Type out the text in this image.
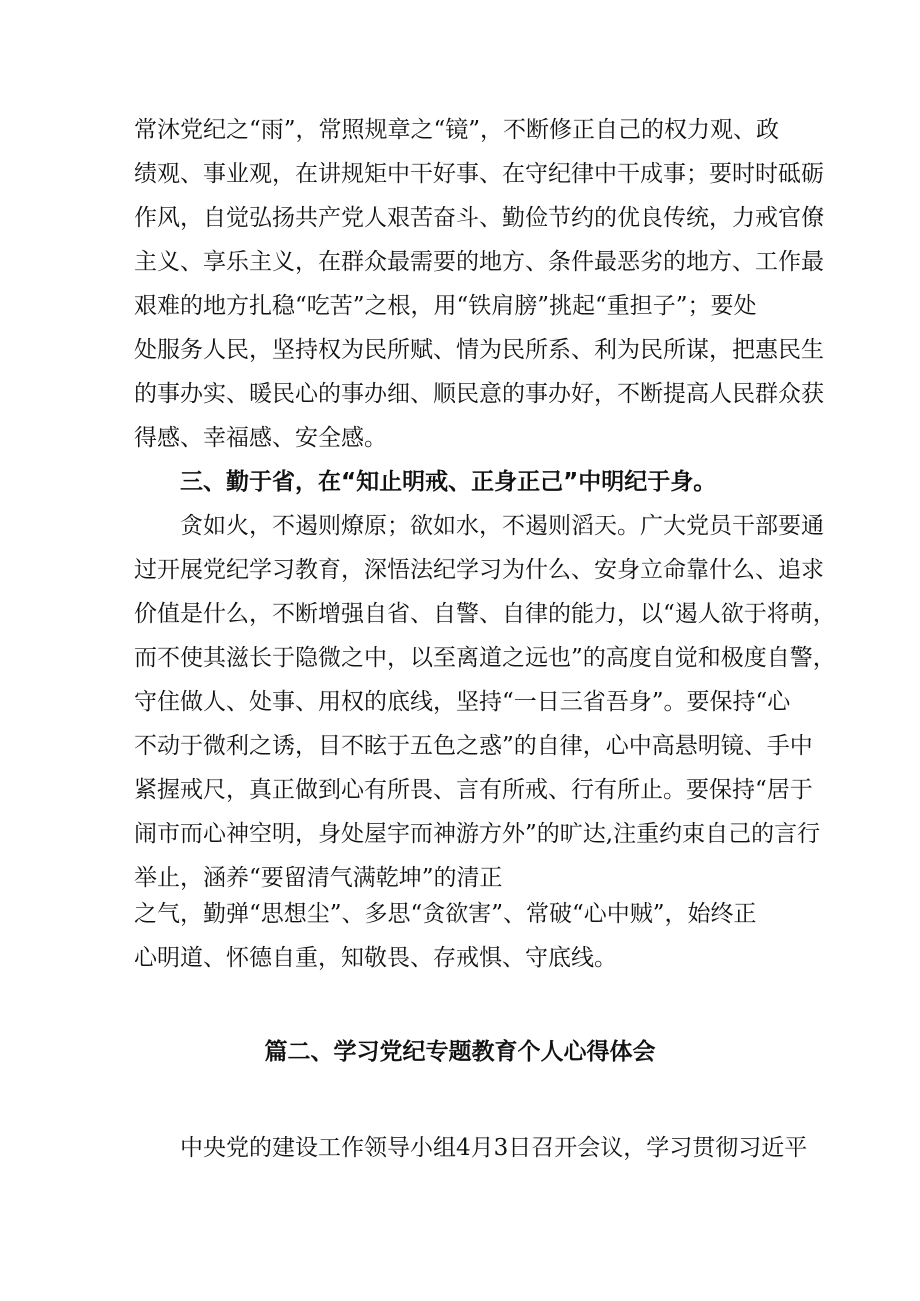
常沐党纪之“雨”，常照规章之“镜”，不断修正自己的权力观、政
绩观、事业观，在讲规矩中干好事、在守纪律中干成事；要时时砥砺
作风，自觉弘扬共产党人艰苦奋斗、勤俭节约的优良传统，力戒官僚
主义、享乐主义，在群众最需要的地方、条件最恶劣的地方、工作最
艰难的地方扎稳“吃苦”之根，用“铁肩膀”挑起“重担子”；要处
处服务人民，坚持权为民所赋、情为民所系、利为民所谋，把惠民生
的事办实、暖民心的事办细、顺民意的事办好，不断提高人民群众获
得感、幸福感、安全感。
三、勤于省，在“知止明戒、正身正己”中明纪于身。
贪如火，不遏则燎原；欲如水，不遏则滔天。广大党员干部要通
过开展党纪学习教育，深悟法纪学习为什么、安身立命靠什么、追求
价值是什么，不断增强自省、自警、自律的能力，以“遏人欲于将萌，
而不使其滋长于隐微之中，以至离道之远也”的高度自觉和极度自警，
守住做人、处事、用权的底线，坚持“一日三省吾身”。要保持“心
不动于微利之诱，目不眩于五色之惑”的自律，心中高悬明镜、手中
紧握戒尺，真正做到心有所畏、言有所戒、行有所止。要保持“居于
闹市而心神空明，身处屋宇而神游方外”的旷达,注重约束自己的言行
举止，涵养“要留清气满乾坤”的清正
之气，勤弹“思想尘”、多思“贪欲害”、常破“心中贼”，始终正
心明道、怀德自重，知敬畏、存戒惧、守底线。
篇二、学习党纪专题教育个人心得体会
中央党的建设工作领导小组4月3日召开会议，学习贯彻习近平
